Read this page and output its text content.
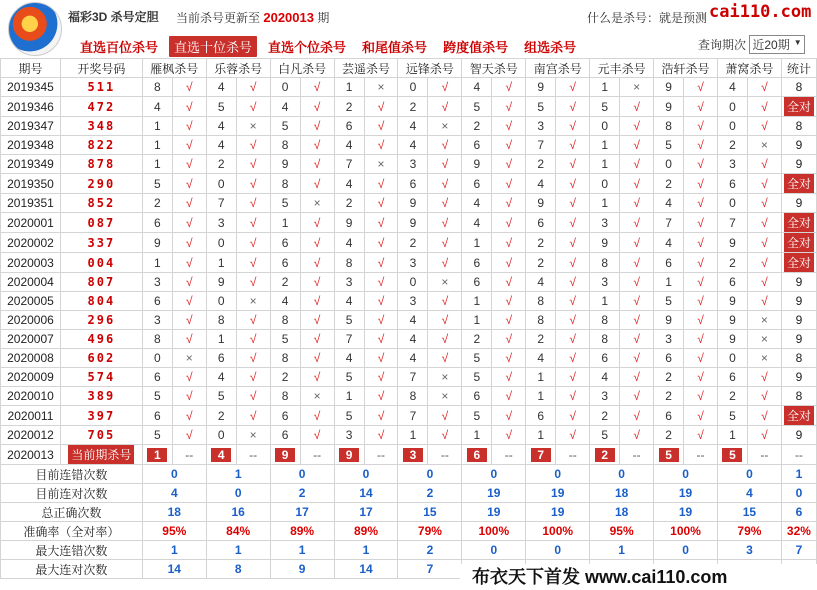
福彩3D 杀号定胆 当前杀号更新至 2020013 期	什么是杀号：就是预测 cai110.com
直选百位杀号	直选十位杀号	直选个位杀号	和尾值杀号	跨度值杀号	组选杀号	查询期次 近20期 ▼
期号	开奖号码	雁枫杀号		乐蓉杀号		白凡杀号		芸遥杀号		远锋杀号		智天杀号		南宫杀号		元丰杀号		浩轩杀号		萧窝杀号		统计
2019345	511	8	√	4	√	0	√	1	×	0	√	4	√	9	√	1	×	9	√	4	√	8
2019346	472	4	√	5	√	4	√	2	√	2	√	5	√	5	√	5	√	9	√	0	√	全对
2019347	348	1	√	4	×	5	√	6	√	4	×	2	√	3	√	0	√	8	√	0	√	8
2019348	822	1	√	4	√	8	√	4	√	4	√	6	√	7	√	1	√	5	√	2	×	9
2019349	878	1	√	2	√	9	√	7	×	3	√	9	√	2	√	1	√	0	√	3	√	9
2019350	290	5	√	0	√	8	√	4	√	6	√	6	√	4	√	0	√	2	√	6	√	全对
2019351	852	2	√	7	√	5	×	2	√	9	√	4	√	9	√	1	√	4	√	0	√	9
2020001	087	6	√	3	√	1	√	9	√	9	√	4	√	6	√	3	√	7	√	7	√	全对
2020002	337	9	√	0	√	6	√	4	√	2	√	1	√	2	√	9	√	4	√	9	√	全对
2020003	004	1	√	1	√	6	√	8	√	3	√	6	√	2	√	8	√	6	√	2	√	全对
2020004	807	3	√	9	√	2	√	3	√	0	×	6	√	4	√	3	√	1	√	6	√	9
2020005	804	6	√	0	×	4	√	4	√	3	√	1	√	8	√	1	√	5	√	9	√	9
2020006	296	3	√	8	√	8	√	5	√	4	√	1	√	8	√	8	√	9	√	9	×	9
2020007	496	8	√	1	√	5	√	7	√	4	√	2	√	2	√	8	√	3	√	9	×	9
2020008	602	0	×	6	√	8	√	4	√	4	√	5	√	4	√	6	√	6	√	0	×	8
2020009	574	6	√	4	√	2	√	5	√	7	×	5	√	1	√	4	√	2	√	6	√	9
2020010	389	5	√	5	√	8	×	1	√	8	×	6	√	1	√	3	√	2	√	2	√	8
2020011	397	6	√	2	√	6	√	5	√	7	√	5	√	6	√	2	√	6	√	5	√	全对
2020012	705	5	√	0	×	6	√	3	√	1	√	1	√	1	√	5	√	2	√	1	√	9
2020013	当前期杀号	1	--	4	--	9	--	9	--	3	--	6	--	7	--	2	--	5	--	5	--	--
目前连错次数		0		1		0		0		0		0		0		0		0		0		1
目前连对次数		4		0		2		14		2		19		19		18		19		4		0
总正确次数		18		16		17		17		15		19		19		18		19		15		6
准确率（全对率）		95%		84%		89%		89%		79%		100%		100%		95%		100%		79%		32%
最大连错次数		1		1		1		1		2		0		0		1		0		3		7
最大连对次数		14		8		9		14		7													布衣天下首发 www.cai110.com
